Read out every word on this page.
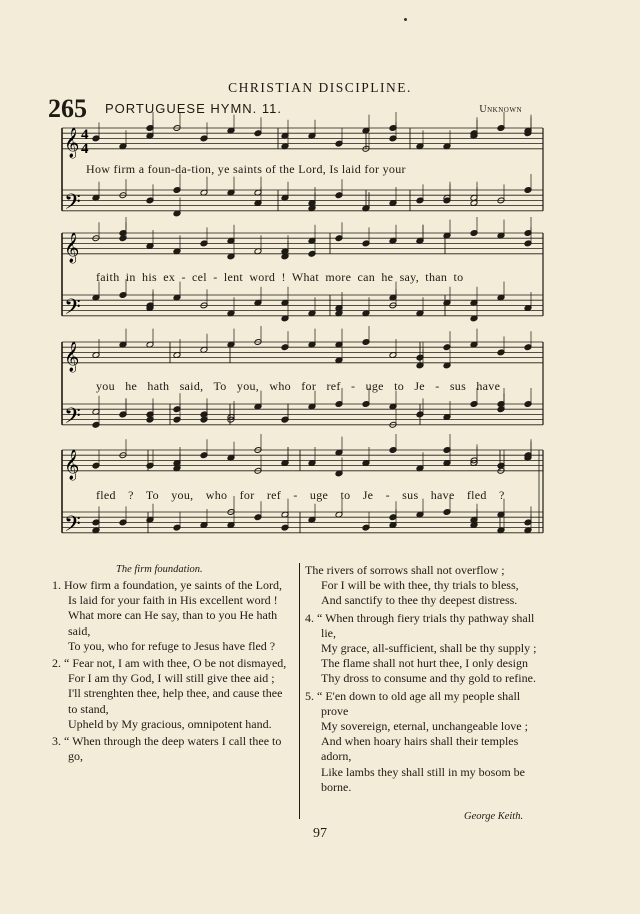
CHRISTIAN DISCIPLINE.
265 PORTUGUESE HYMN. 11.	Unknown
𝄞
𝄢
𝄞
𝄢
𝄞
𝄢
𝄞
𝄢
4
4
How firm a foun-da-tion, ye saints of the Lord, Is laid for your
faith in his ex - cel - lent word ! What more can he say, than to
you he hath said, To you, who for ref - uge to Je - sus have
fled ? To you, who for ref - uge to Je - sus have fled ?
The firm foundation.

1. How firm a foundation, ye saints of the Lord,
Is laid for your faith in His excellent word !
What more can He say, than to you He hath said,
To you, who for refuge to Jesus have fled ?

2. “ Fear not, I am with thee, O be not dismayed,
For I am thy God, I will still give thee aid ;
I'll strenghten thee, help thee, and cause thee to stand,
Upheld by My gracious, omnipotent hand.

3. “ When through the deep waters I call thee to go,

The rivers of sorrows shall not overflow ;
For I will be with thee, thy trials to bless,
And sanctify to thee thy deepest distress.

4. “ When through fiery trials thy pathway shall lie,
My grace, all-sufficient, shall be thy supply ;
The flame shall not hurt thee, I only design
Thy dross to consume and thy gold to refine.

5. “ E'en down to old age all my people shall prove
My sovereign, eternal, unchangeable love ;
And when hoary hairs shall their temples adorn,
Like lambs they shall still in my bosom be borne.

George Keith.
97
